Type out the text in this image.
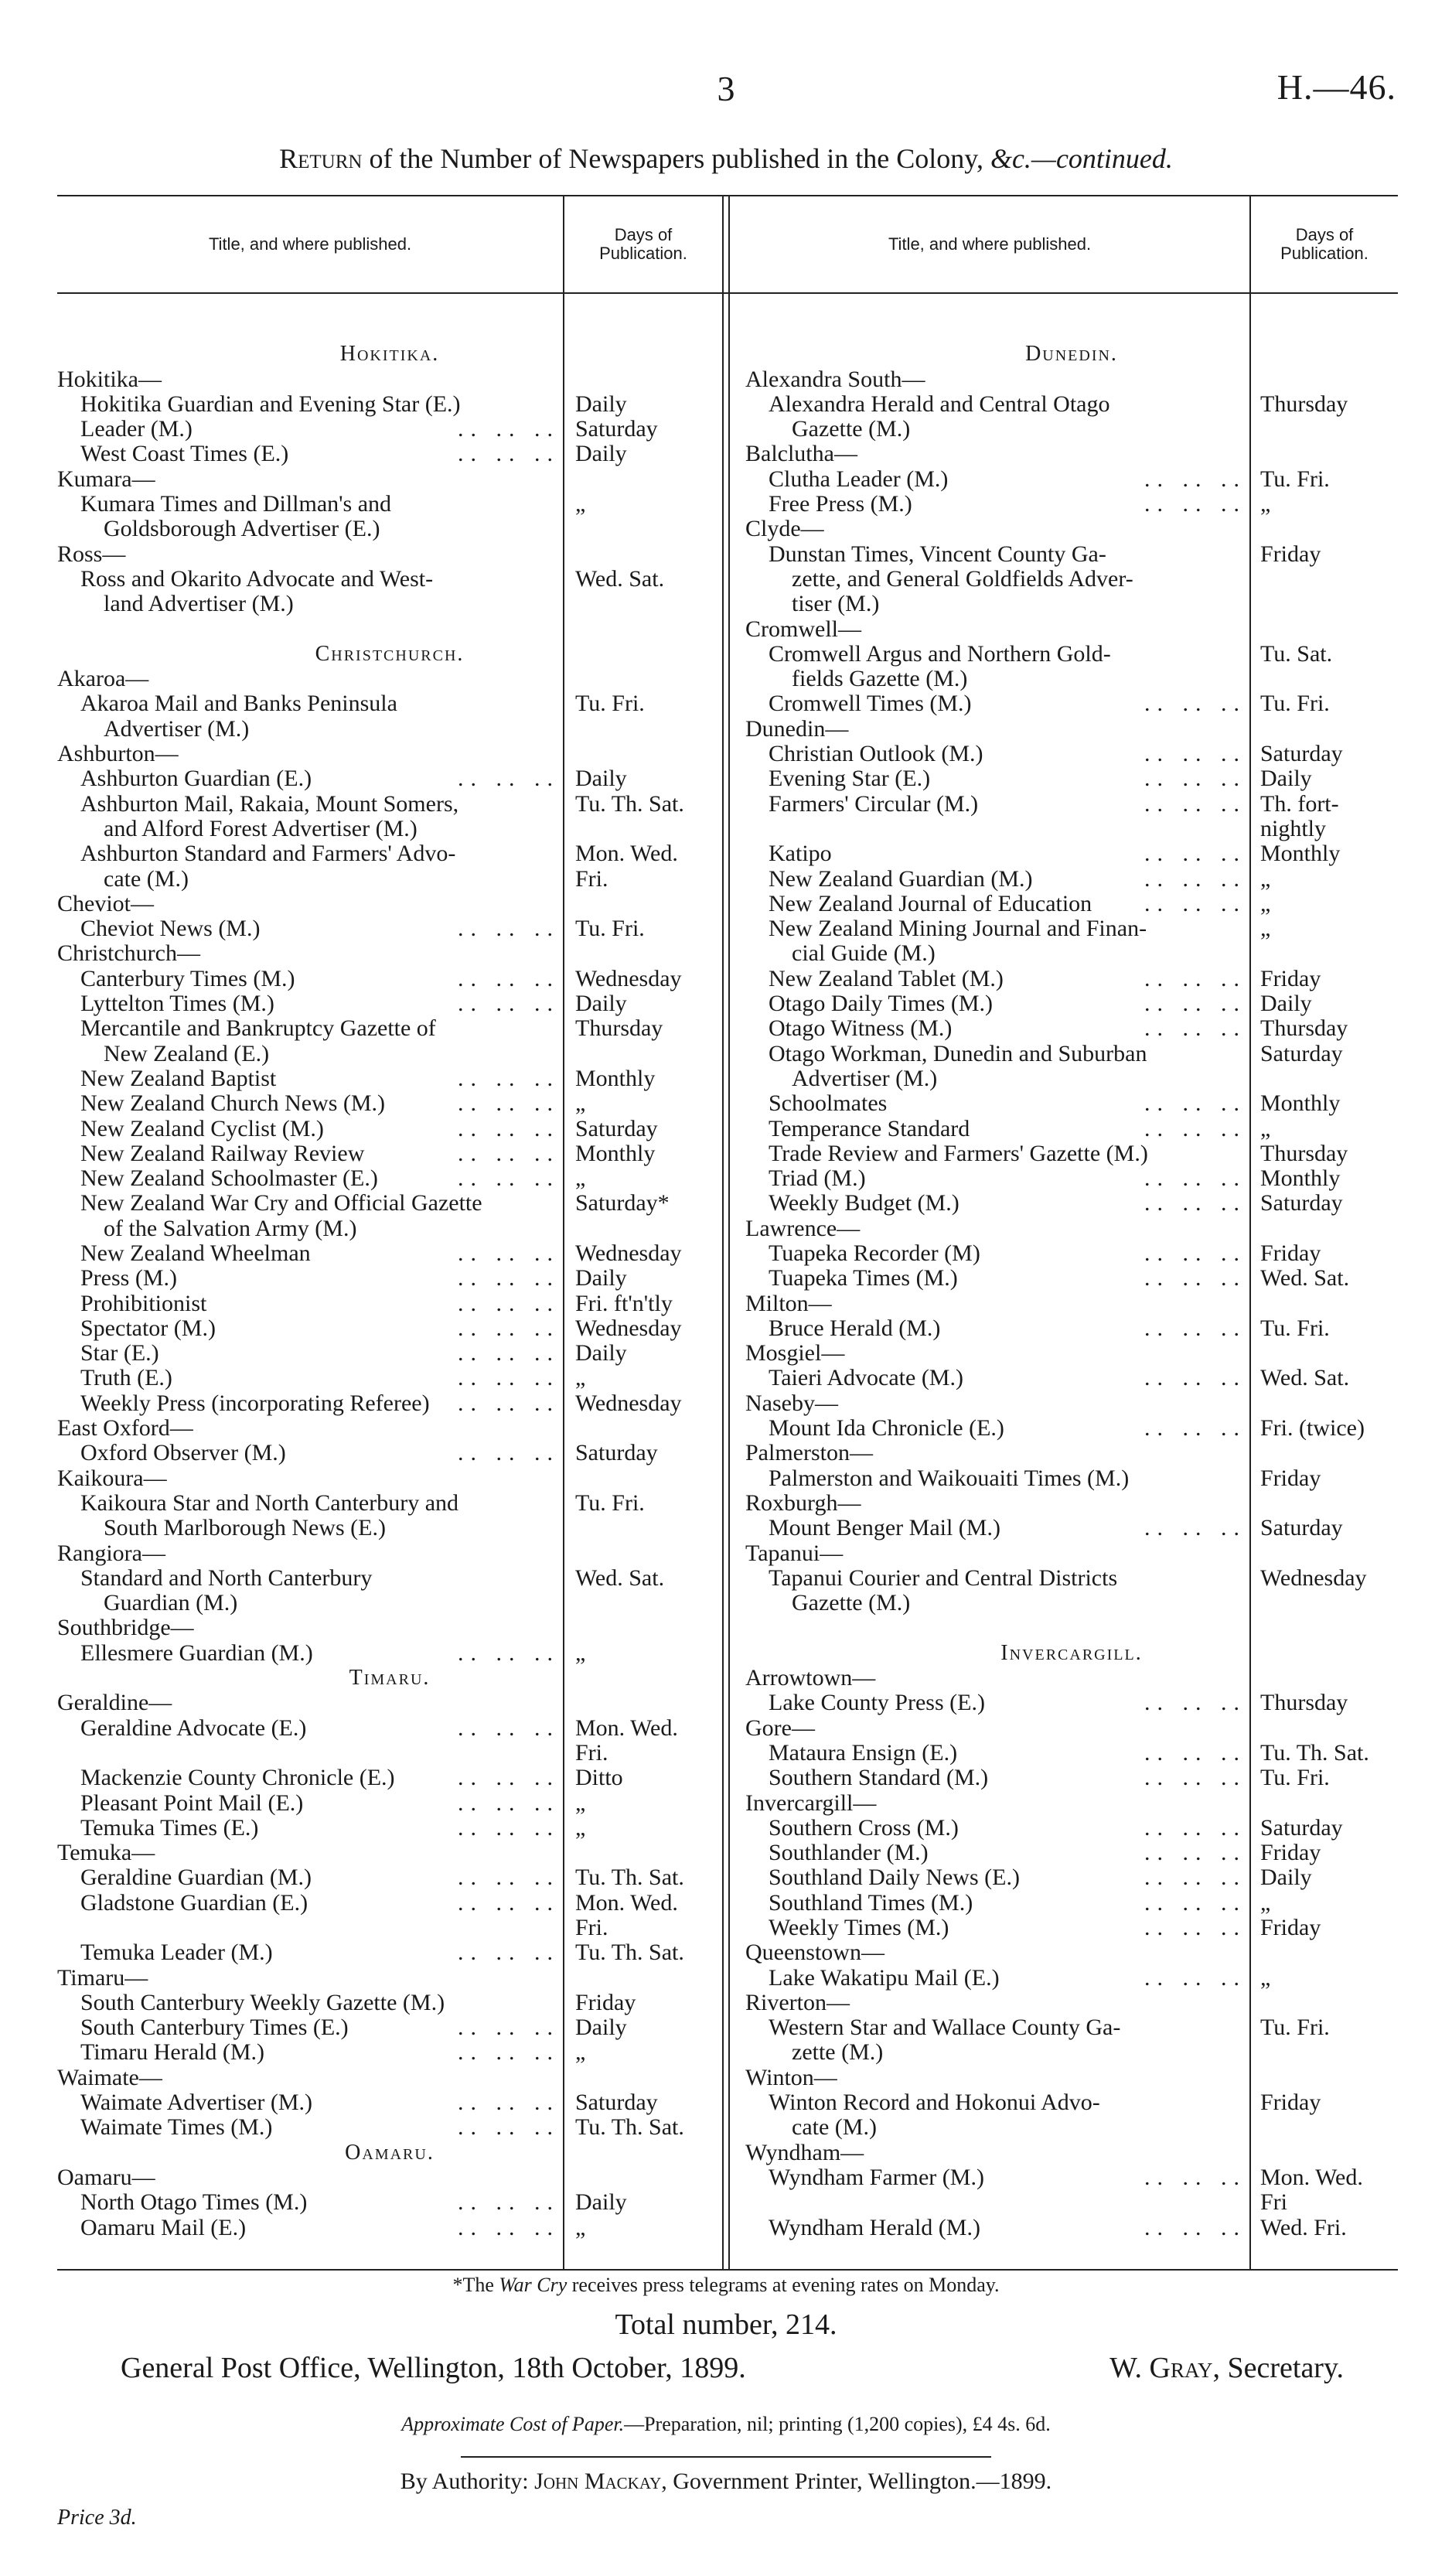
3	H.—46.
Return of the Number of Newspapers published in the Colony, &c.—continued.
Title, and where published.	Days of
Publication.	Title, and where published.	Days of
Publication.
Hokitika.
Hokitika—
Hokitika Guardian and Evening Star (E.)	Daily
Leader (M.)	.. .. .. Saturday
West Coast Times (E.)	.. .. .. Daily
Kumara—
Kumara Times and Dillman's and	„
Goldsborough Advertiser (E.)
Ross—
Ross and Okarito Advocate and West-	Wed. Sat.
land Advertiser (M.)
Christchurch.
Akaroa—
Akaroa Mail and Banks Peninsula	Tu. Fri.
Advertiser (M.)
Ashburton—
Ashburton Guardian (E.)	.. .. .. Daily
Ashburton Mail, Rakaia, Mount Somers,	Tu. Th. Sat.
and Alford Forest Advertiser (M.)
Ashburton Standard and Farmers' Advo-	Mon. Wed.
cate (M.)	Fri.
Cheviot—
Cheviot News (M.)	.. .. .. Tu. Fri.
Christchurch—
Canterbury Times (M.)	.. .. .. Wednesday
Lyttelton Times (M.)	.. .. .. Daily
Mercantile and Bankruptcy Gazette of	Thursday
New Zealand (E.)
New Zealand Baptist	.. .. .. Monthly
New Zealand Church News (M.)	.. .. .. „
New Zealand Cyclist (M.)	.. .. .. Saturday
New Zealand Railway Review	.. .. .. Monthly
New Zealand Schoolmaster (E.)	.. .. .. „
New Zealand War Cry and Official Gazette	Saturday*
of the Salvation Army (M.)
New Zealand Wheelman	.. .. .. Wednesday
Press (M.)	.. .. .. Daily
Prohibitionist	.. .. .. Fri. ft'n'tly
Spectator (M.)	.. .. .. Wednesday
Star (E.)	.. .. .. Daily
Truth (E.)	.. .. .. „
Weekly Press (incorporating Referee) .. .. .. Wednesday
East Oxford—
Oxford Observer (M.)	.. .. .. Saturday
Kaikoura—
Kaikoura Star and North Canterbury and	Tu. Fri.
South Marlborough News (E.)
Rangiora—
Standard and North Canterbury	Wed. Sat.
Guardian (M.)
Southbridge—
Ellesmere Guardian (M.)	.. .. .. „
Timaru.
Geraldine—
Geraldine Advocate (E.)	.. .. .. Mon. Wed.
Fri.
Mackenzie County Chronicle (E.)	.. .. .. Ditto
Pleasant Point Mail (E.)	.. .. .. „
Temuka Times (E.)	.. .. .. „
Temuka—
Geraldine Guardian (M.)	.. .. .. Tu. Th. Sat.
Gladstone Guardian (E.)	.. .. .. Mon. Wed.
Fri.
Temuka Leader (M.)	.. .. .. Tu. Th. Sat.
Timaru—
South Canterbury Weekly Gazette (M.)	Friday
South Canterbury Times (E.)	.. .. .. Daily
Timaru Herald (M.)	.. .. .. „
Waimate—
Waimate Advertiser (M.)	.. .. .. Saturday
Waimate Times (M.)	.. .. .. Tu. Th. Sat.
Oamaru.
Oamaru—
North Otago Times (M.)	.. .. .. Daily
Oamaru Mail (E.)	.. .. .. „
Dunedin.
Alexandra South—
Alexandra Herald and Central Otago	Thursday
Gazette (M.)
Balclutha—
Clutha Leader (M.)	.. .. .. Tu. Fri.
Free Press (M.)	.. .. .. „
Clyde—
Dunstan Times, Vincent County Ga-	Friday
zette, and General Goldfields Adver-
tiser (M.)
Cromwell—
Cromwell Argus and Northern Gold-	Tu. Sat.
fields Gazette (M.)
Cromwell Times (M.)	.. .. .. Tu. Fri.
Dunedin—
Christian Outlook (M.)	.. .. .. Saturday
Evening Star (E.)	.. .. .. Daily
Farmers' Circular (M.)	.. .. .. Th. fort-
nightly
Katipo	.. .. .. Monthly
New Zealand Guardian (M.)	.. .. .. „
New Zealand Journal of Education .. .. .. „
New Zealand Mining Journal and Finan-	„
cial Guide (M.)
New Zealand Tablet (M.)	.. .. .. Friday
Otago Daily Times (M.)	.. .. .. Daily
Otago Witness (M.)	.. .. .. Thursday
Otago Workman, Dunedin and Suburban	Saturday
Advertiser (M.)
Schoolmates	.. .. .. Monthly
Temperance Standard	.. .. .. „
Trade Review and Farmers' Gazette (M.)	Thursday
Triad (M.)	.. .. .. Monthly
Weekly Budget (M.)	.. .. .. Saturday
Lawrence—
Tuapeka Recorder (M)	.. .. .. Friday
Tuapeka Times (M.)	.. .. .. Wed. Sat.
Milton—
Bruce Herald (M.)	.. .. .. Tu. Fri.
Mosgiel—
Taieri Advocate (M.)	.. .. .. Wed. Sat.
Naseby—
Mount Ida Chronicle (E.)	.. .. .. Fri. (twice)
Palmerston—
Palmerston and Waikouaiti Times (M.)	Friday
Roxburgh—
Mount Benger Mail (M.)	.. .. .. Saturday
Tapanui—
Tapanui Courier and Central Districts	Wednesday
Gazette (M.)
Invercargill.
Arrowtown—
Lake County Press (E.)	.. .. .. Thursday
Gore—
Mataura Ensign (E.)	.. .. .. Tu. Th. Sat.
Southern Standard (M.)	.. .. .. Tu. Fri.
Invercargill—
Southern Cross (M.)	.. .. .. Saturday
Southlander (M.)	.. .. .. Friday
Southland Daily News (E.)	.. .. .. Daily
Southland Times (M.)	.. .. .. „
Weekly Times (M.)	.. .. .. Friday
Queenstown—
Lake Wakatipu Mail (E.)	.. .. .. „
Riverton—
Western Star and Wallace County Ga-	Tu. Fri.
zette (M.)
Winton—
Winton Record and Hokonui Advo-	Friday
cate (M.)
Wyndham—
Wyndham Farmer (M.)	.. .. .. Mon. Wed.
Fri
Wyndham Herald (M.)	.. .. .. Wed. Fri.
*The War Cry receives press telegrams at evening rates on Monday.
Total number, 214.
General Post Office, Wellington, 18th October, 1899.	W. Gray, Secretary.
Approximate Cost of Paper.—Preparation, nil; printing (1,200 copies), £4 4s. 6d.
By Authority: John Mackay, Government Printer, Wellington.—1899.
Price 3d.
